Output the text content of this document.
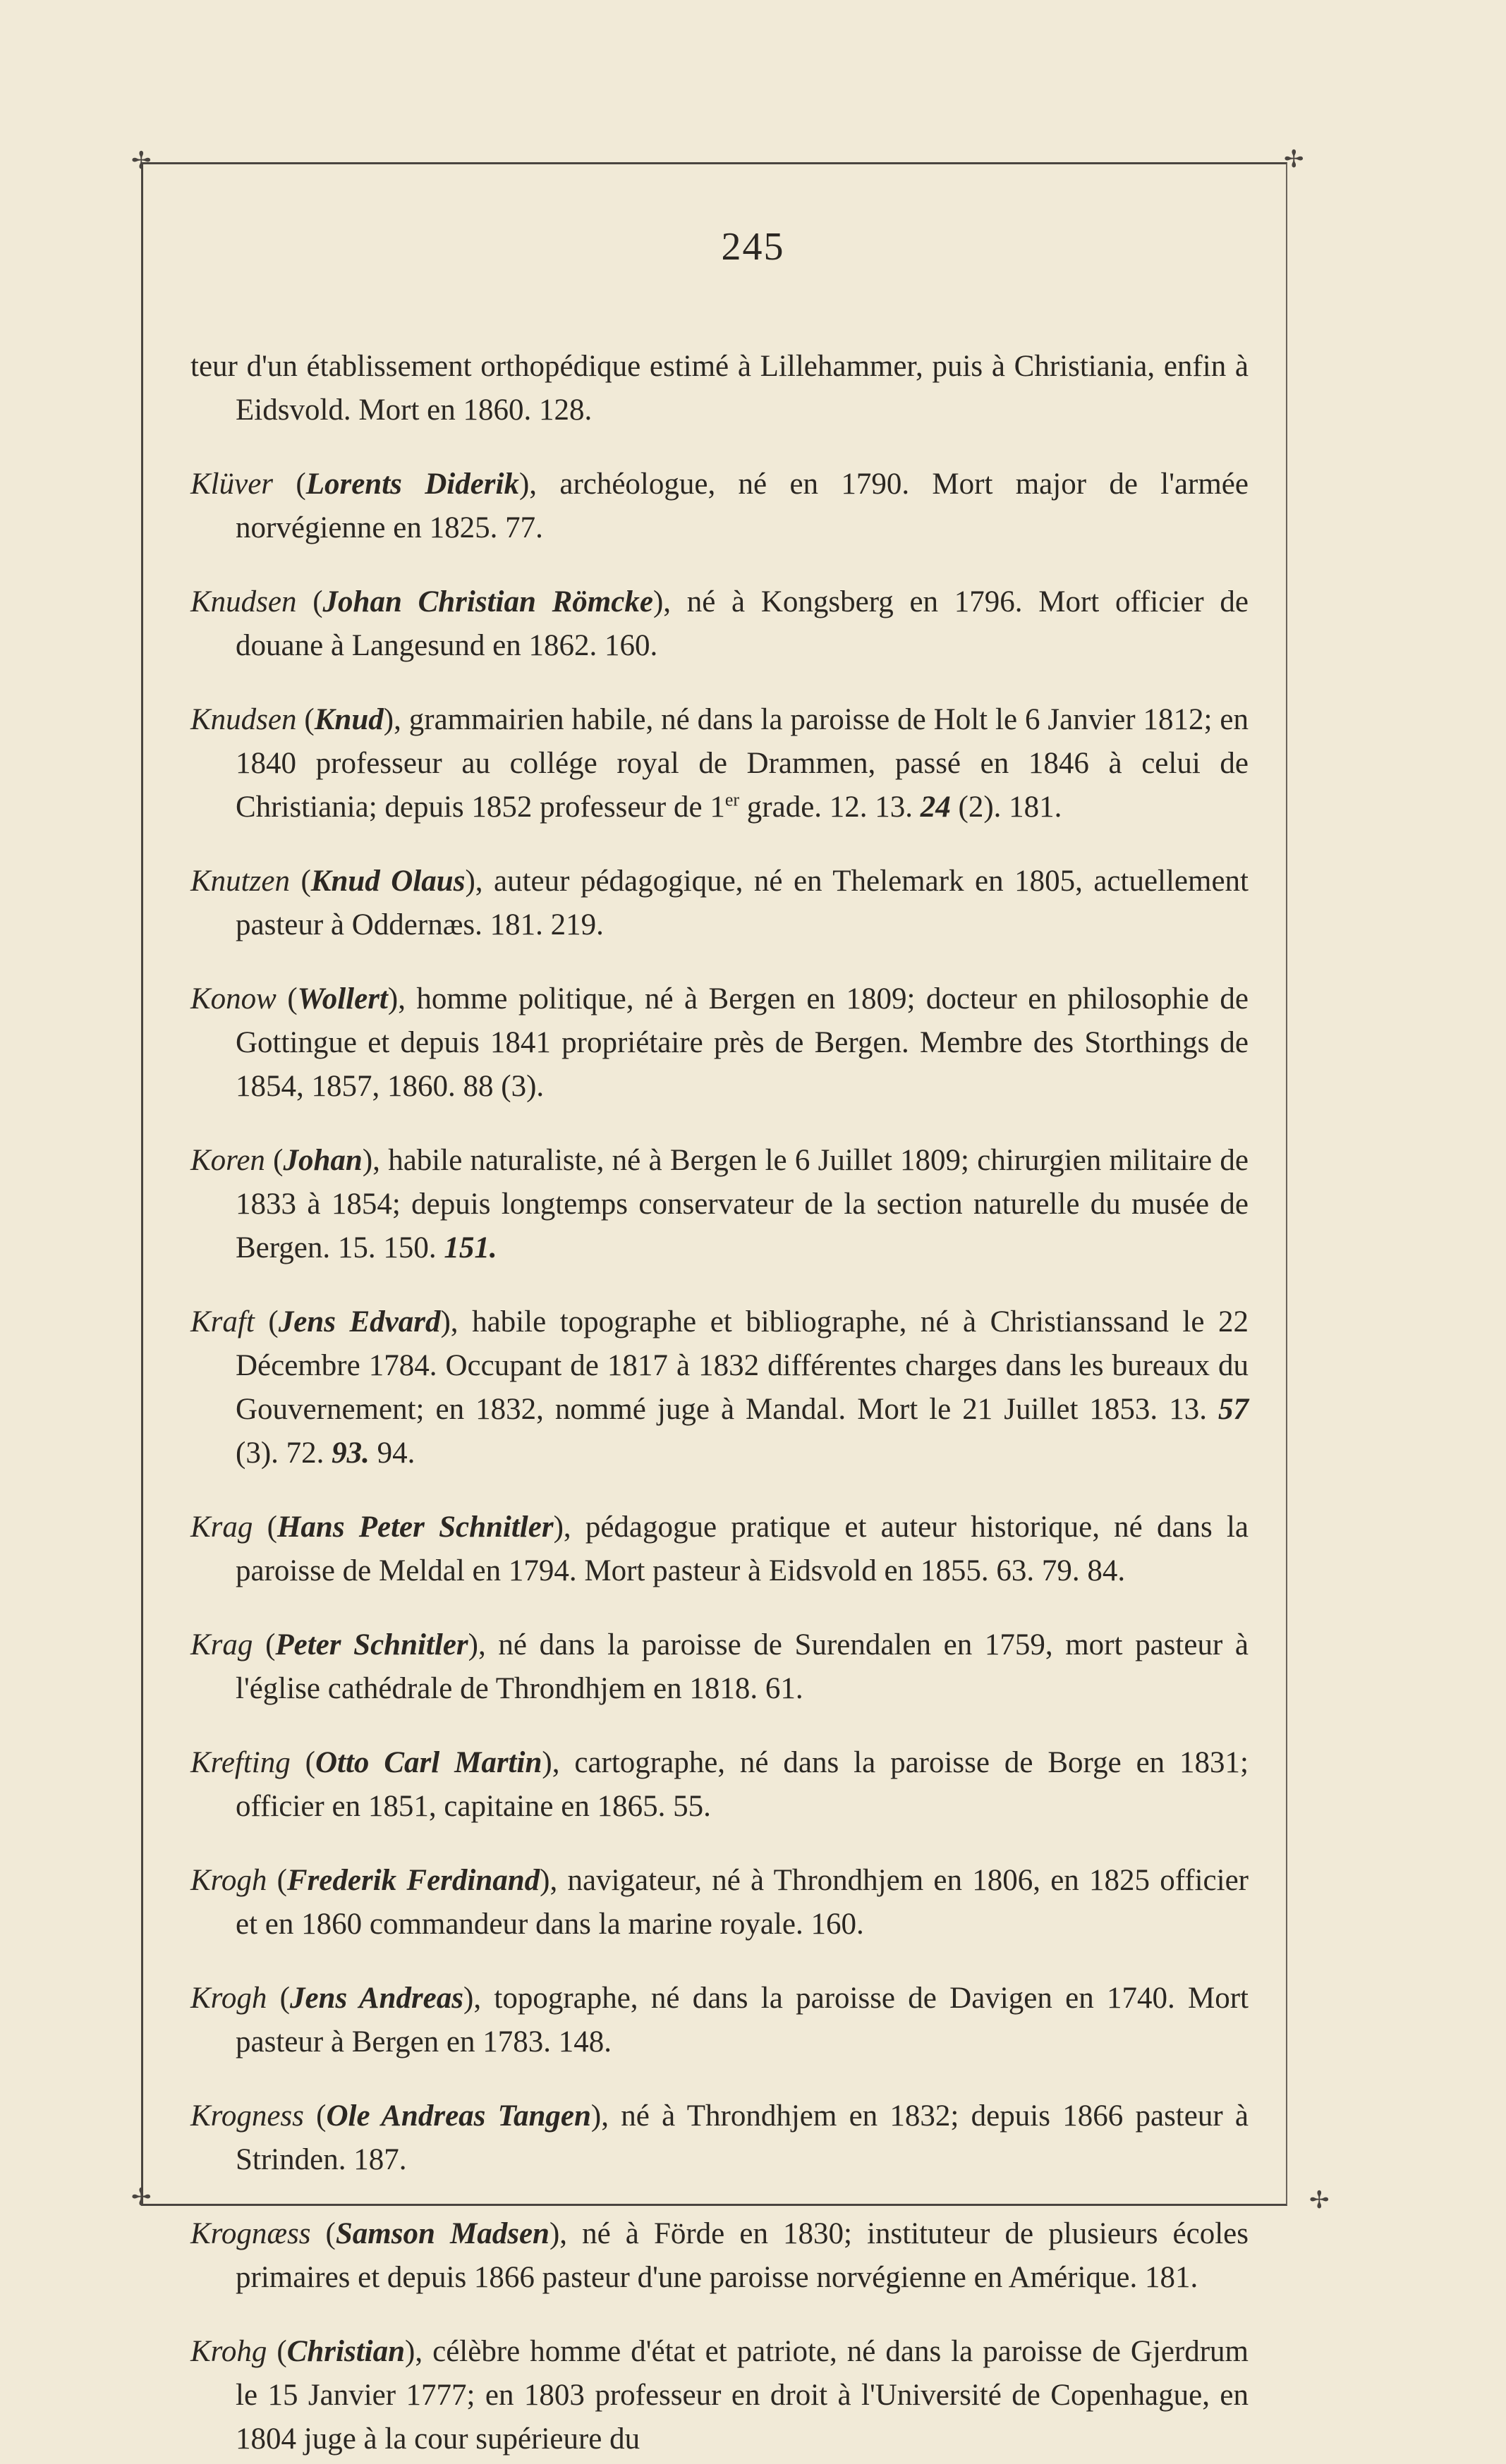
✢	✢
✢	✢
245

teur d'un établissement orthopédique estimé à Lillehammer, puis à Christiania, enfin à Eidsvold. Mort en 1860. 128.

Klüver (Lorents Diderik), archéologue, né en 1790. Mort major de l'armée norvégienne en 1825. 77.

Knudsen (Johan Christian Römcke), né à Kongsberg en 1796. Mort officier de douane à Langesund en 1862. 160.

Knudsen (Knud), grammairien habile, né dans la paroisse de Holt le 6 Janvier 1812; en 1840 professeur au collége royal de Drammen, passé en 1846 à celui de Christiania; depuis 1852 professeur de 1er grade. 12. 13. 24 (2). 181.

Knutzen (Knud Olaus), auteur pédagogique, né en Thelemark en 1805, actuellement pasteur à Oddernæs. 181. 219.

Konow (Wollert), homme politique, né à Bergen en 1809; docteur en philosophie de Gottingue et depuis 1841 propriétaire près de Bergen. Membre des Storthings de 1854, 1857, 1860. 88 (3).

Koren (Johan), habile naturaliste, né à Bergen le 6 Juillet 1809; chirurgien militaire de 1833 à 1854; depuis longtemps conservateur de la section naturelle du musée de Bergen. 15. 150. 151.

Kraft (Jens Edvard), habile topographe et bibliographe, né à Christianssand le 22 Décembre 1784. Occupant de 1817 à 1832 différentes charges dans les bureaux du Gouvernement; en 1832, nommé juge à Mandal. Mort le 21 Juillet 1853. 13. 57 (3). 72. 93. 94.

Krag (Hans Peter Schnitler), pédagogue pratique et auteur historique, né dans la paroisse de Meldal en 1794. Mort pasteur à Eidsvold en 1855. 63. 79. 84.

Krag (Peter Schnitler), né dans la paroisse de Surendalen en 1759, mort pasteur à l'église cathédrale de Throndhjem en 1818. 61.

Krefting (Otto Carl Martin), cartographe, né dans la paroisse de Borge en 1831; officier en 1851, capitaine en 1865. 55.

Krogh (Frederik Ferdinand), navigateur, né à Throndhjem en 1806, en 1825 officier et en 1860 commandeur dans la marine royale. 160.

Krogh (Jens Andreas), topographe, né dans la paroisse de Davigen en 1740. Mort pasteur à Bergen en 1783. 148.

Krogness (Ole Andreas Tangen), né à Throndhjem en 1832; depuis 1866 pasteur à Strinden. 187.

Krognæss (Samson Madsen), né à Förde en 1830; instituteur de plusieurs écoles primaires et depuis 1866 pasteur d'une paroisse norvégienne en Amérique. 181.

Krohg (Christian), célèbre homme d'état et patriote, né dans la paroisse de Gjerdrum le 15 Janvier 1777; en 1803 professeur en droit à l'Université de Copenhague, en 1804 juge à la cour supérieure du
